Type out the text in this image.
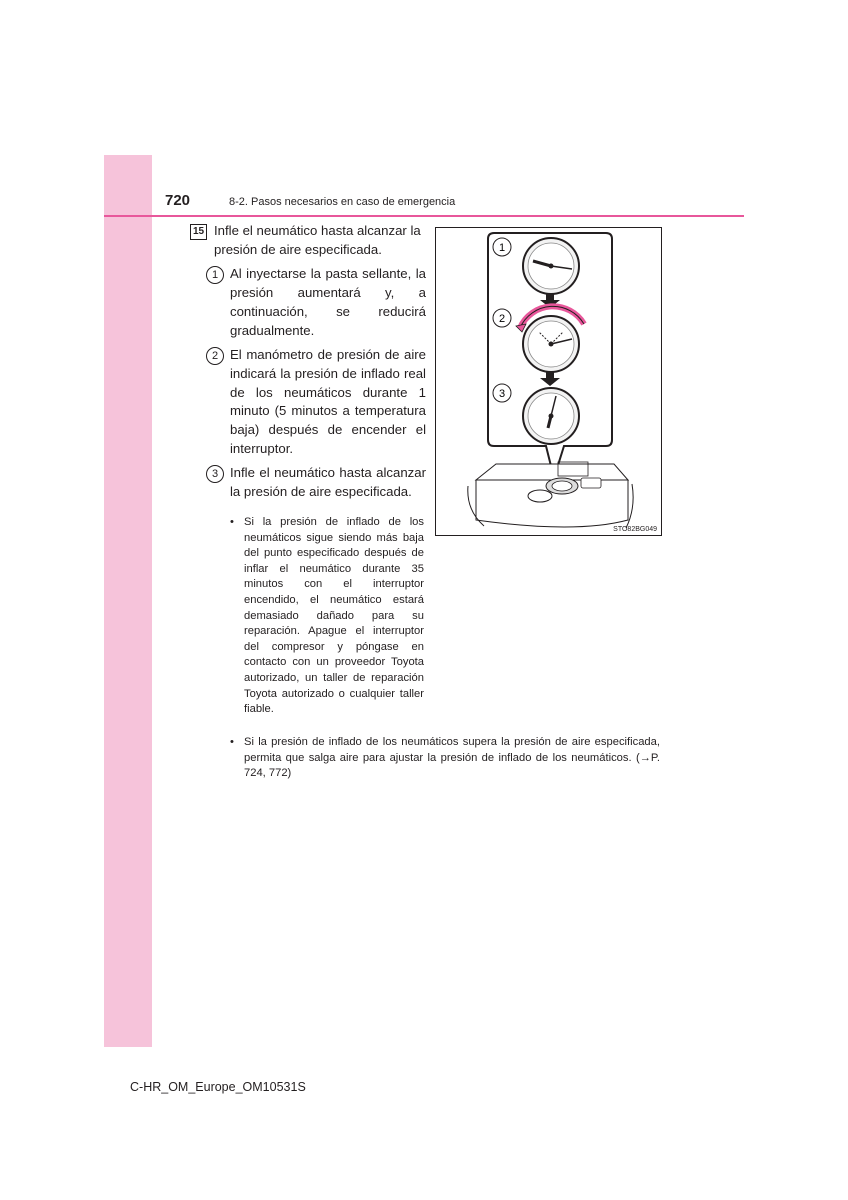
720	8-2. Pasos necesarios en caso de emergencia
15 Infle el neumático hasta alcanzar la presión de aire especificada.
1 Al inyectarse la pasta sellante, la presión aumentará y, a continuación, se reducirá gradualmente.
2 El manómetro de presión de aire indicará la presión de inflado real de los neumáticos durante 1 minuto (5 minutos a temperatura baja) después de encender el interruptor.
3 Infle el neumático hasta alcanzar la presión de aire especificada.
• Si la presión de inflado de los neumáticos sigue siendo más baja del punto especificado después de inflar el neumático durante 35 minutos con el interruptor encendido, el neumático estará demasiado dañado para su reparación. Apague el interruptor del compresor y póngase en contacto con un proveedor Toyota autorizado, un taller de reparación Toyota autorizado o cualquier taller fiable.
• Si la presión de inflado de los neumáticos supera la presión de aire especificada, permita que salga aire para ajustar la presión de inflado de los neumáticos. (→P. 724, 772)
1
2
3
STO82BG049
C-HR_OM_Europe_OM10531S
